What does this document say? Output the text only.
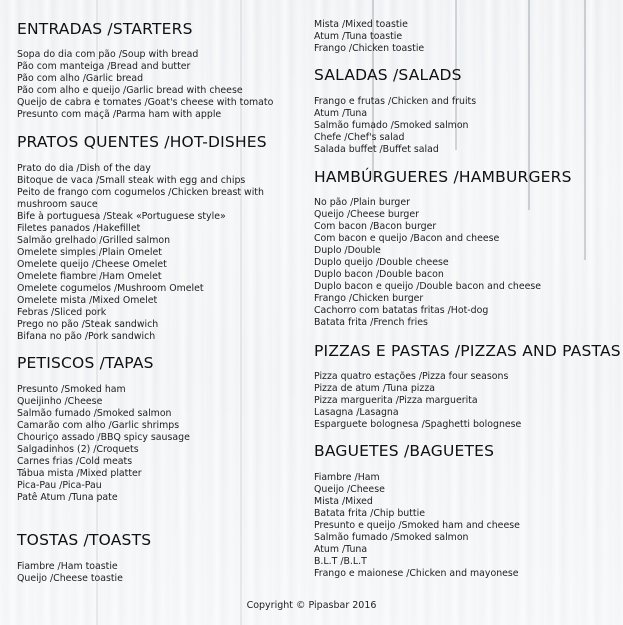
ENTRADAS /STARTERS
Sopa do dia com pão /Soup with bread
Pão com manteiga /Bread and butter
Pão com alho /Garlic bread
Pão com alho e queijo /Garlic bread with cheese
Queijo de cabra e tomates /Goat's cheese with tomato
Presunto com maçã /Parma ham with apple
PRATOS QUENTES /HOT-DISHES
Prato do dia /Dish of the day
Bitoque de vaca /Small steak with egg and chips
Peito de frango com cogumelos /Chicken breast with mushroom sauce
Bife à portuguesa /Steak «Portuguese style»
Filetes panados /Hakefillet
Salmão grelhado /Grilled salmon
Omelete simples /Plain Omelet
Omelete queijo /Cheese Omelet
Omelete fiambre /Ham Omelet
Omelete cogumelos /Mushroom Omelet
Omelete mista /Mixed Omelet
Febras /Sliced pork
Prego no pão /Steak sandwich
Bifana no pão /Pork sandwich
PETISCOS /TAPAS
Presunto /Smoked ham
Queijinho /Cheese
Salmão fumado /Smoked salmon
Camarão com alho /Garlic shrimps
Chouriço assado /BBQ spicy sausage
Salgadinhos (2) /Croquets
Carnes frias /Cold meats
Tábua mista /Mixed platter
Pica-Pau /Pica-Pau
Patê Atum /Tuna pate
TOSTAS /TOASTS
Fiambre /Ham toastie
Queijo /Cheese toastie
Mista /Mixed toastie
Atum /Tuna toastie
Frango /Chicken toastie
SALADAS /SALADS
Frango e frutas /Chicken and fruits
Atum /Tuna
Salmão fumado /Smoked salmon
Chefe /Chef's salad
Salada buffet /Buffet salad
HAMBÚRGUERES /HAMBURGERS
No pão /Plain burger
Queijo /Cheese burger
Com bacon /Bacon burger
Com bacon e queijo /Bacon and cheese
Duplo /Double
Duplo queijo /Double cheese
Duplo bacon /Double bacon
Duplo bacon e queijo /Double bacon and cheese
Frango /Chicken burger
Cachorro com batatas fritas /Hot-dog
Batata frita /French fries
PIZZAS E PASTAS /PIZZAS AND PASTAS
Pizza quatro estações /Pizza four seasons
Pizza de atum /Tuna pizza
Pizza marguerita /Pizza marguerita
Lasagna /Lasagna
Esparguete bolognesa /Spaghetti bolognese
BAGUETES /BAGUETES
Fiambre /Ham
Queijo /Cheese
Mista /Mixed
Batata frita /Chip buttie
Presunto e queijo /Smoked ham and cheese
Salmão fumado /Smoked salmon
Atum /Tuna
B.L.T /B.L.T
Frango e maionese /Chicken and mayonese
Copyright © Pipasbar 2016
